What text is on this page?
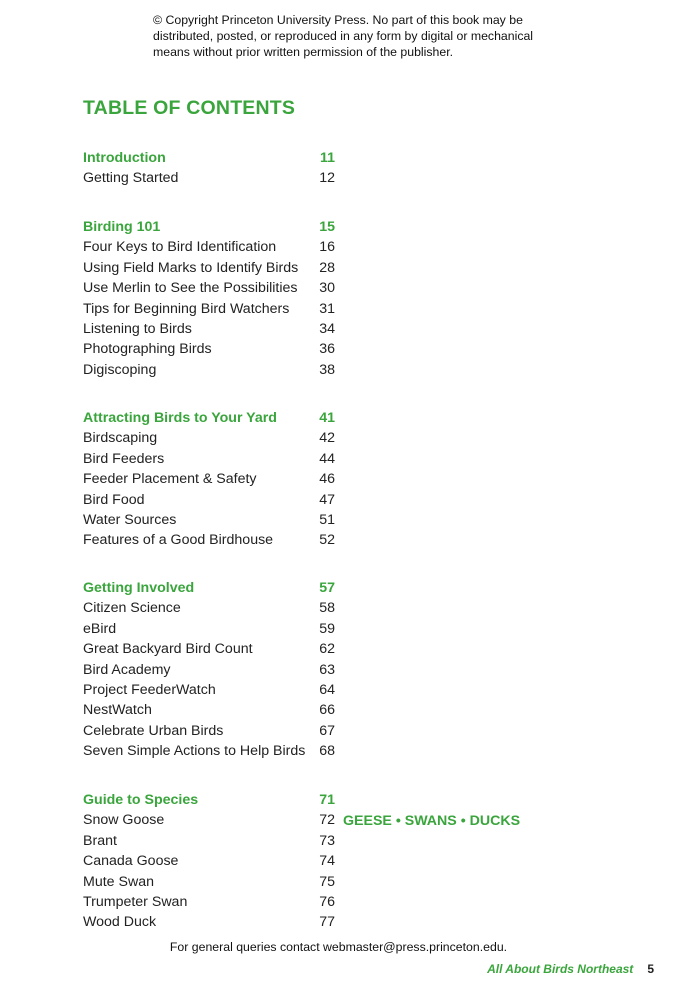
© Copyright Princeton University Press. No part of this book may be
distributed, posted, or reproduced in any form by digital or mechanical
means without prior written permission of the publisher.
TABLE OF CONTENTS
Introduction	11
Getting Started	12
Birding 101	15
Four Keys to Bird Identification	16
Using Field Marks to Identify Birds 28
Use Merlin to See the Possibilities 30
Tips for Beginning Bird Watchers 31
Listening to Birds	34
Photographing Birds	36
Digiscoping	38
Attracting Birds to Your Yard	41
Birdscaping	42
Bird Feeders	44
Feeder Placement & Safety	46
Bird Food	47
Water Sources	51
Features of a Good Birdhouse	52
Getting Involved	57
Citizen Science	58
eBird	59
Great Backyard Bird Count	62
Bird Academy	63
Project FeederWatch	64
NestWatch	66
Celebrate Urban Birds	67
Seven Simple Actions to Help Birds 68
Guide to Species	71
Snow Goose	72
Brant	73
Canada Goose	74
Mute Swan	75
Trumpeter Swan	76
Wood Duck	77
GEESE • SWANS • DUCKS
For general queries contact webmaster@press.princeton.edu.
All About Birds Northeast 5
